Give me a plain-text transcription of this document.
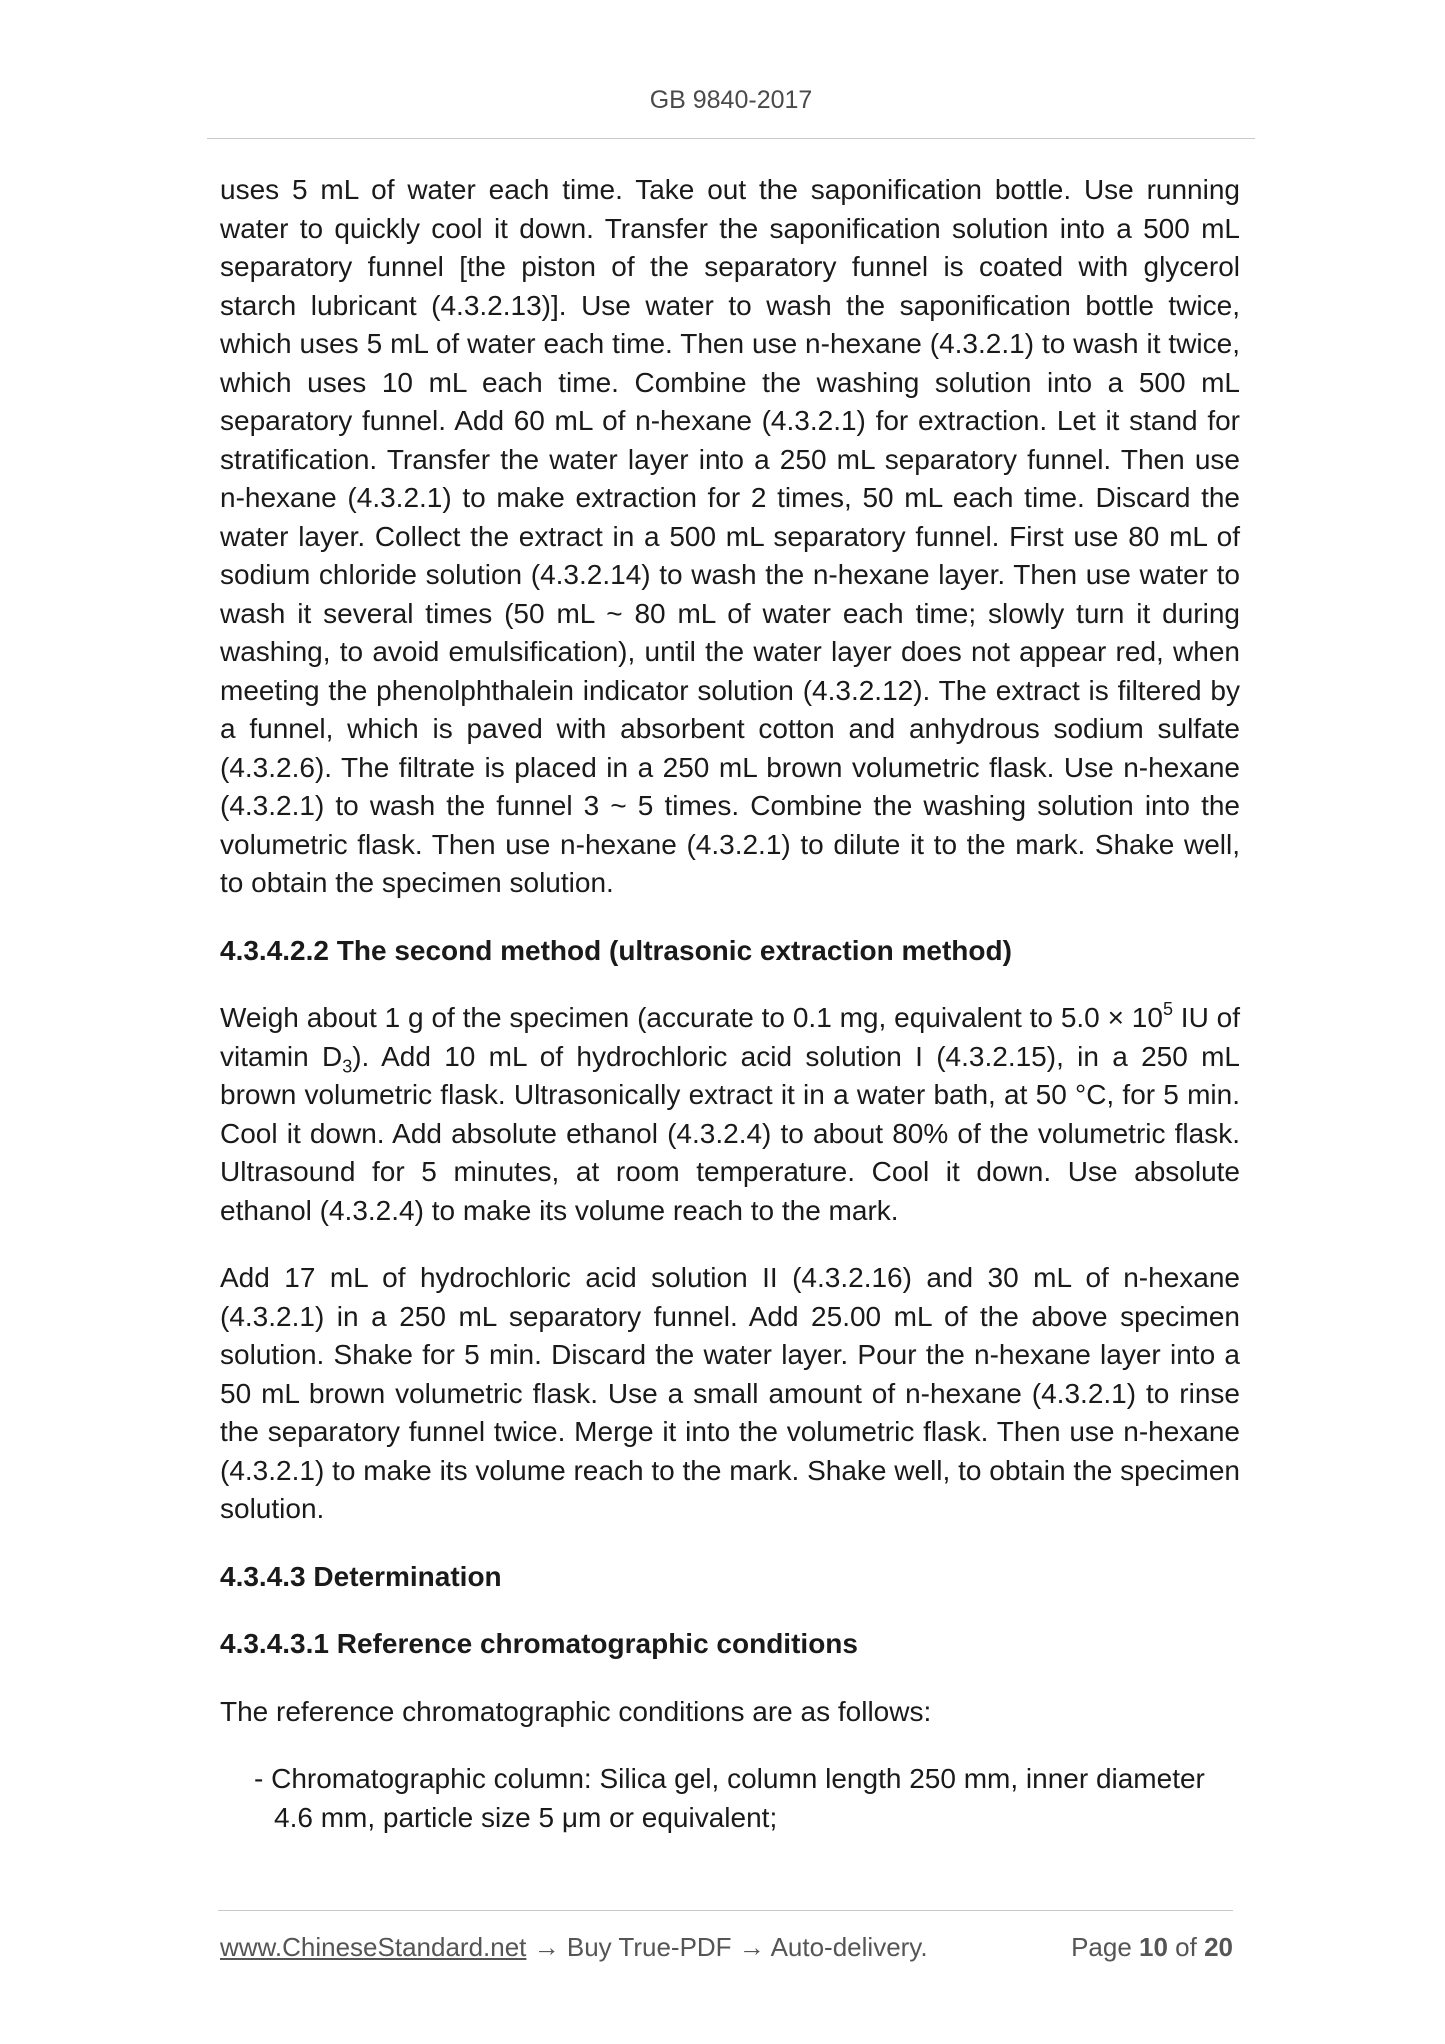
GB 9840-2017

uses 5 mL of water each time. Take out the saponification bottle. Use running water to quickly cool it down. Transfer the saponification solution into a 500 mL separatory funnel [the piston of the separatory funnel is coated with glycerol starch lubricant (4.3.2.13)]. Use water to wash the saponification bottle twice, which uses 5 mL of water each time. Then use n-hexane (4.3.2.1) to wash it twice, which uses 10 mL each time. Combine the washing solution into a 500 mL separatory funnel. Add 60 mL of n-hexane (4.3.2.1) for extraction. Let it stand for stratification. Transfer the water layer into a 250 mL separatory funnel. Then use n-hexane (4.3.2.1) to make extraction for 2 times, 50 mL each time. Discard the water layer. Collect the extract in a 500 mL separatory funnel. First use 80 mL of sodium chloride solution (4.3.2.14) to wash the n-hexane layer. Then use water to wash it several times (50 mL ~ 80 mL of water each time; slowly turn it during washing, to avoid emulsification), until the water layer does not appear red, when meeting the phenolphthalein indicator solution (4.3.2.12). The extract is filtered by a funnel, which is paved with absorbent cotton and anhydrous sodium sulfate (4.3.2.6). The filtrate is placed in a 250 mL brown volumetric flask. Use n-hexane (4.3.2.1) to wash the funnel 3 ~ 5 times. Combine the washing solution into the volumetric flask. Then use n-hexane (4.3.2.1) to dilute it to the mark. Shake well, to obtain the specimen solution.

4.3.4.2.2 The second method (ultrasonic extraction method)

Weigh about 1 g of the specimen (accurate to 0.1 mg, equivalent to $5.0 \times 10^5$ IU of vitamin $D_3$). Add 10 mL of hydrochloric acid solution I (4.3.2.15), in a 250 mL brown volumetric flask. Ultrasonically extract it in a water bath, at 50 °C, for 5 min. Cool it down. Add absolute ethanol (4.3.2.4) to about 80% of the volumetric flask. Ultrasound for 5 minutes, at room temperature. Cool it down. Use absolute ethanol (4.3.2.4) to make its volume reach to the mark.

Add 17 mL of hydrochloric acid solution II (4.3.2.16) and 30 mL of n-hexane (4.3.2.1) in a 250 mL separatory funnel. Add 25.00 mL of the above specimen solution. Shake for 5 min. Discard the water layer. Pour the n-hexane layer into a 50 mL brown volumetric flask. Use a small amount of n-hexane (4.3.2.1) to rinse the separatory funnel twice. Merge it into the volumetric flask. Then use n-hexane (4.3.2.1) to make its volume reach to the mark. Shake well, to obtain the specimen solution.

4.3.4.3 Determination

4.3.4.3.1 Reference chromatographic conditions

The reference chromatographic conditions are as follows:

- Chromatographic column: Silica gel, column length 250 mm, inner diameter 4.6 mm, particle size 5 μm or equivalent;

www.ChineseStandard.net → Buy True-PDF → Auto-delivery.	Page 10 of 20
